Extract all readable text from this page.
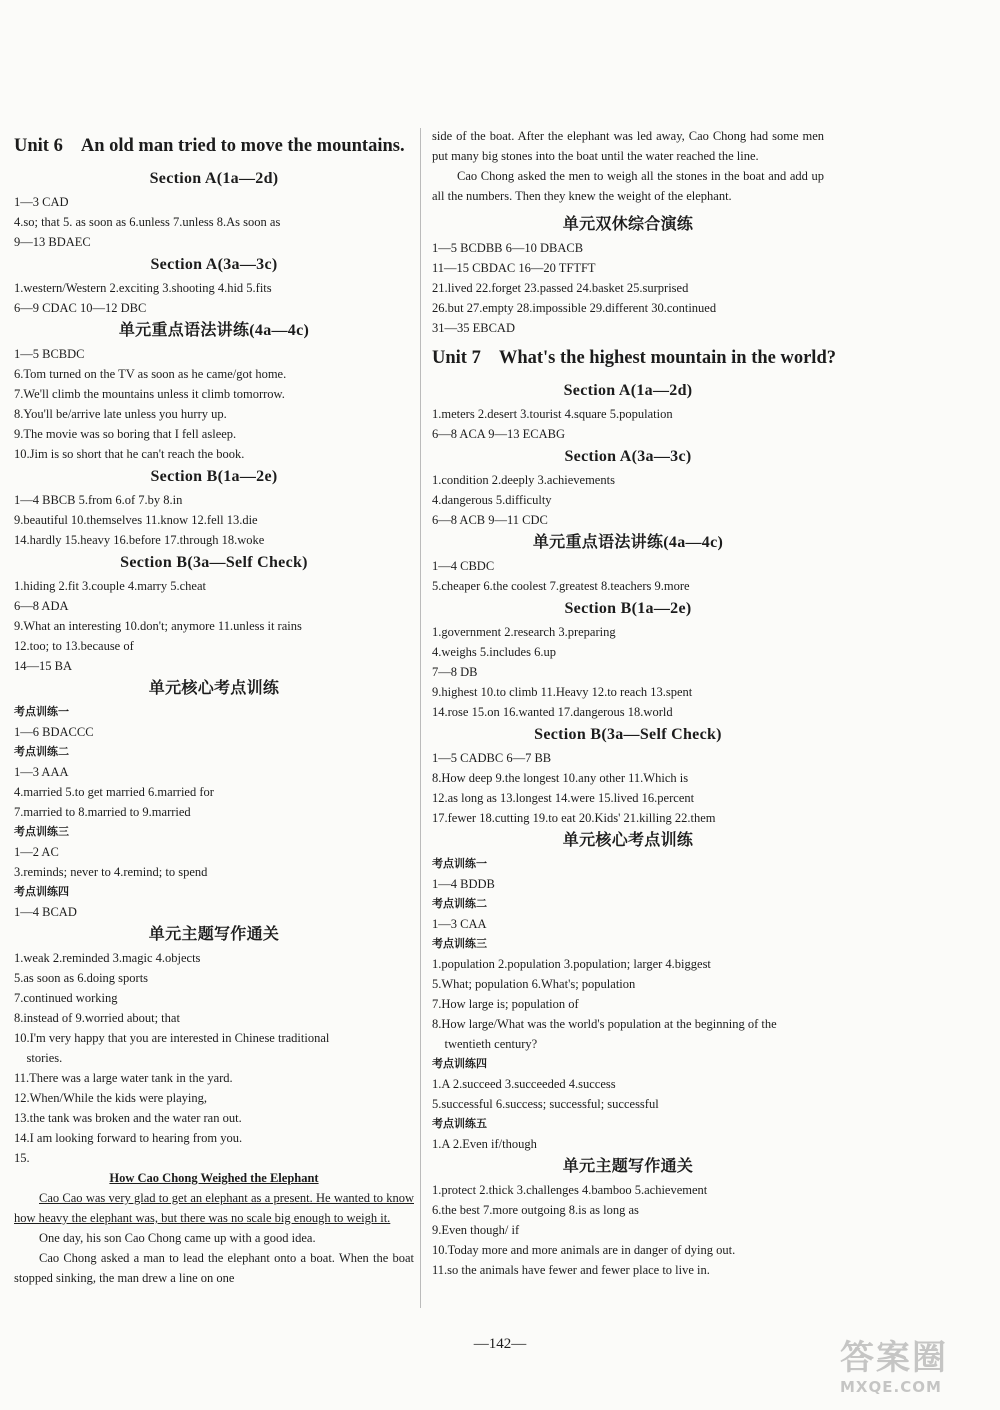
Unit 6 An old man tried to move the mountains.
Section A(1a—2d)
1—3 CAD
4.so; that 5. as soon as 6.unless 7.unless 8.As soon as
9—13 BDAEC
Section A(3a—3c)
1.western/Western 2.exciting 3.shooting 4.hid 5.fits
6—9 CDAC 10—12 DBC
单元重点语法讲练(4a—4c)
1—5 BCBDC
6.Tom turned on the TV as soon as he came/got home.
7.We'll climb the mountains unless it climb tomorrow.
8.You'll be/arrive late unless you hurry up.
9.The movie was so boring that I fell asleep.
10.Jim is so short that he can't reach the book.
Section B(1a—2e)
1—4 BBCB 5.from 6.of 7.by 8.in
9.beautiful 10.themselves 11.know 12.fell 13.die
14.hardly 15.heavy 16.before 17.through 18.woke
Section B(3a—Self Check)
1.hiding 2.fit 3.couple 4.marry 5.cheat
6—8 ADA
9.What an interesting 10.don't; anymore 11.unless it rains
12.too; to 13.because of
14—15 BA
单元核心考点训练
考点训练一
1—6 BDACCC
考点训练二
1—3 AAA
4.married 5.to get married 6.married for
7.married to 8.married to 9.married
考点训练三
1—2 AC
3.reminds; never to 4.remind; to spend
考点训练四
1—4 BCAD
单元主题写作通关
1.weak 2.reminded 3.magic 4.objects
5.as soon as 6.doing sports
7.continued working
8.instead of 9.worried about; that
10.I'm very happy that you are interested in Chinese traditional
stories.
11.There was a large water tank in the yard.
12.When/While the kids were playing,
13.the tank was broken and the water ran out.
14.I am looking forward to hearing from you.
15.
How Cao Chong Weighed the Elephant
Cao Cao was very glad to get an elephant as a present. He wanted to know how heavy the elephant was, but there was no scale big enough to weigh it.
One day, his son Cao Chong came up with a good idea.
Cao Chong asked a man to lead the elephant onto a boat. When the boat stopped sinking, the man drew a line on one
side of the boat. After the elephant was led away, Cao Chong had some men put many big stones into the boat until the water reached the line.
Cao Chong asked the men to weigh all the stones in the boat and add up all the numbers. Then they knew the weight of the elephant.
单元双休综合演练
1—5 BCDBB 6—10 DBACB
11—15 CBDAC 16—20 TFTFT
21.lived 22.forget 23.passed 24.basket 25.surprised
26.but 27.empty 28.impossible 29.different 30.continued
31—35 EBCAD
Unit 7 What's the highest mountain in the world?
Section A(1a—2d)
1.meters 2.desert 3.tourist 4.square 5.population
6—8 ACA 9—13 ECABG
Section A(3a—3c)
1.condition 2.deeply 3.achievements
4.dangerous 5.difficulty
6—8 ACB 9—11 CDC
单元重点语法讲练(4a—4c)
1—4 CBDC
5.cheaper 6.the coolest 7.greatest 8.teachers 9.more
Section B(1a—2e)
1.government 2.research 3.preparing
4.weighs 5.includes 6.up
7—8 DB
9.highest 10.to climb 11.Heavy 12.to reach 13.spent
14.rose 15.on 16.wanted 17.dangerous 18.world
Section B(3a—Self Check)
1—5 CADBC 6—7 BB
8.How deep 9.the longest 10.any other 11.Which is
12.as long as 13.longest 14.were 15.lived 16.percent
17.fewer 18.cutting 19.to eat 20.Kids' 21.killing 22.them
单元核心考点训练
考点训练一
1—4 BDDB
考点训练二
1—3 CAA
考点训练三
1.population 2.population 3.population; larger 4.biggest
5.What; population 6.What's; population
7.How large is; population of
8.How large/What was the world's population at the beginning of the
twentieth century?
考点训练四
1.A 2.succeed 3.succeeded 4.success
5.successful 6.success; successful; successful
考点训练五
1.A 2.Even if/though
单元主题写作通关
1.protect 2.thick 3.challenges 4.bamboo 5.achievement
6.the best 7.more outgoing 8.is as long as
9.Even though/ if
10.Today more and more animals are in danger of dying out.
11.so the animals have fewer and fewer place to live in.
—142—	答案圈
MXQE.COM
